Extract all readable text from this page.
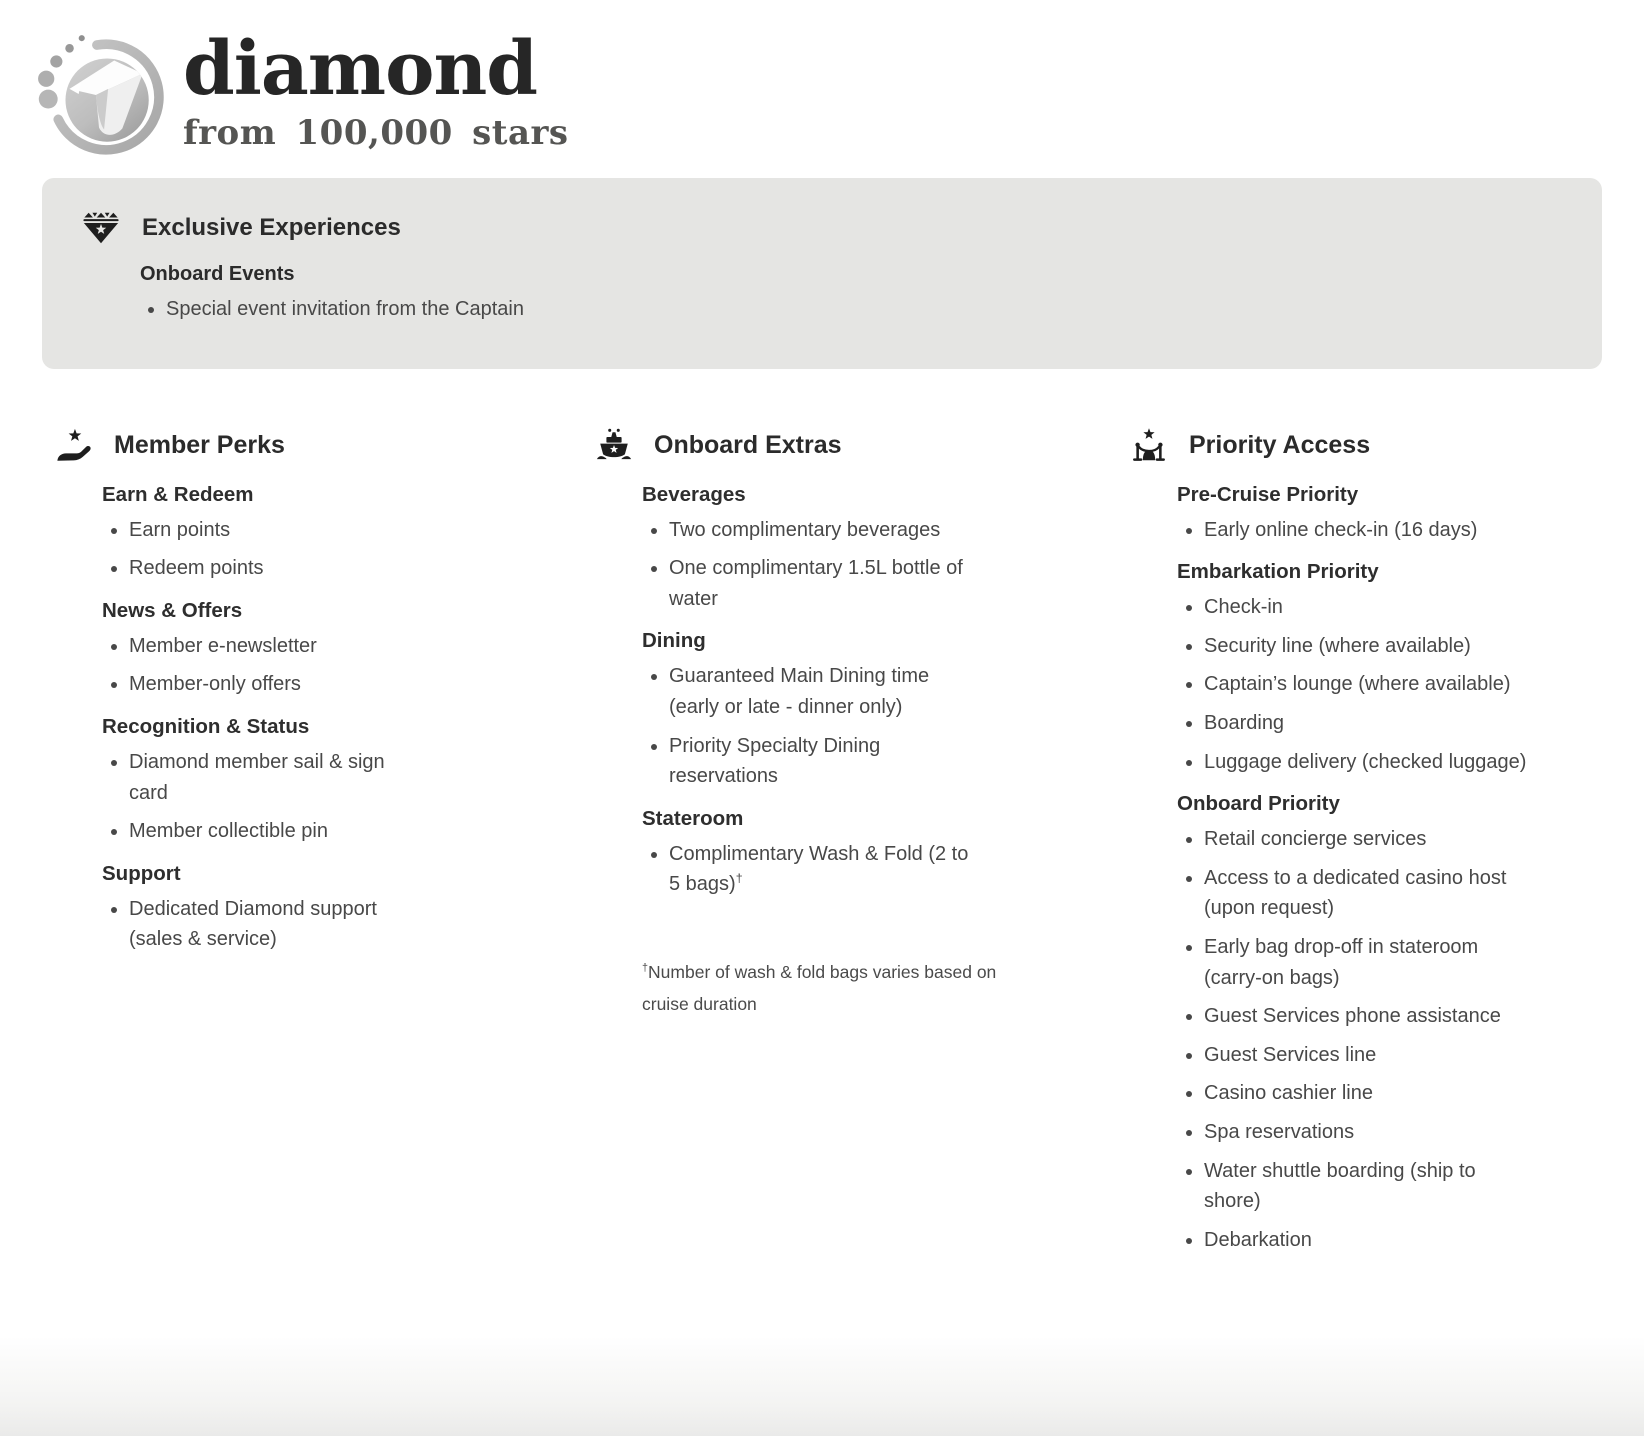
diamond
from 100,000 stars
Exclusive Experiences
Onboard Events
• Special event invitation from the Captain
Member Perks
Earn & Redeem
• Earn points
• Redeem points
News & Offers
• Member e-newsletter
• Member-only offers
Recognition & Status
• Diamond member sail & sign card
• Member collectible pin
Support
• Dedicated Diamond support (sales & service)
Onboard Extras
Beverages
• Two complimentary beverages
• One complimentary 1.5L bottle of water
Dining
• Guaranteed Main Dining time (early or late - dinner only)
• Priority Specialty Dining reservations
Stateroom
• Complimentary Wash & Fold (2 to 5 bags)†
†Number of wash & fold bags varies based on cruise duration
Priority Access
Pre-Cruise Priority
• Early online check-in (16 days)
Embarkation Priority
• Check-in
• Security line (where available)
• Captain’s lounge (where available)
• Boarding
• Luggage delivery (checked luggage)
Onboard Priority
• Retail concierge services
• Access to a dedicated casino host (upon request)
• Early bag drop-off in stateroom (carry-on bags)
• Guest Services phone assistance
• Guest Services line
• Casino cashier line
• Spa reservations
• Water shuttle boarding (ship to shore)
• Debarkation
